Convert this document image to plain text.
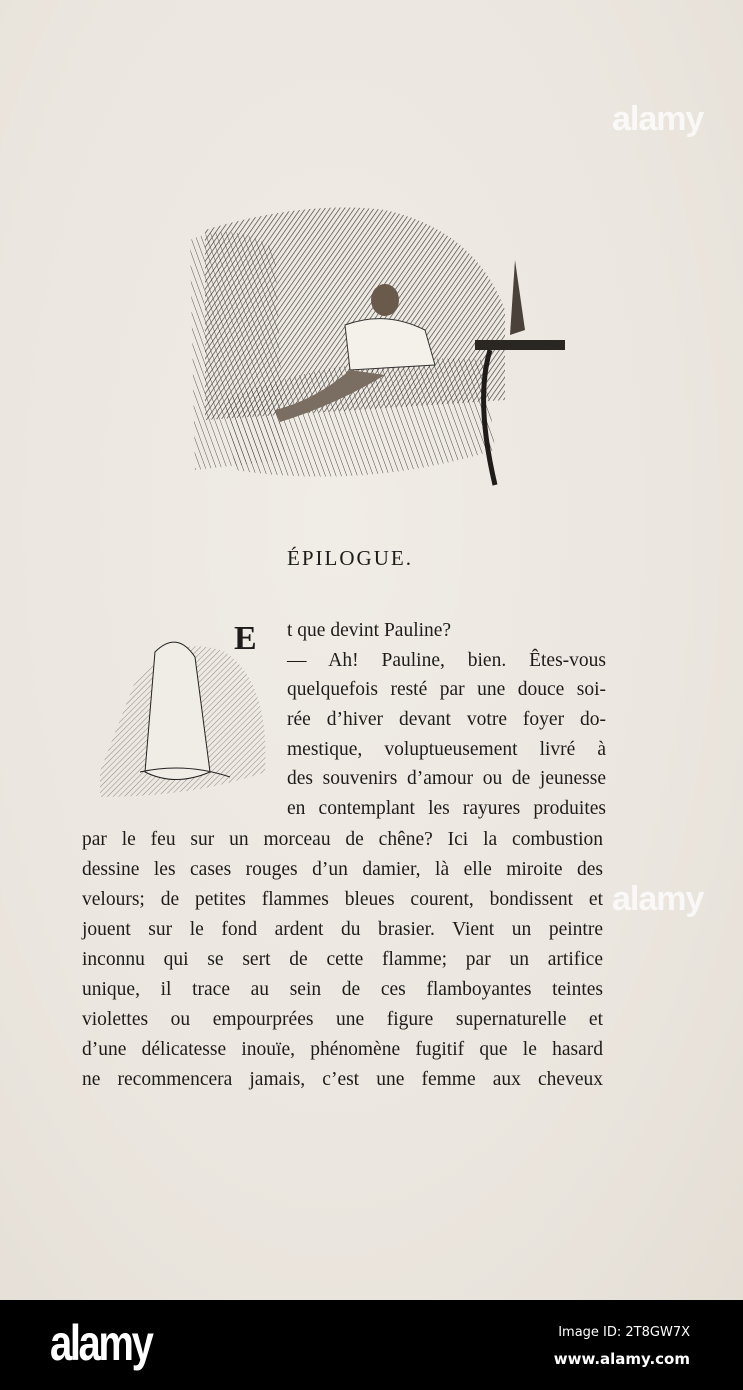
alamy
alamy
ÉPILOGUE.
E t que devint Pauline?
— Ah! Pauline, bien. Êtes-vous
quelquefois resté par une douce soi-
rée d’hiver devant votre foyer do-
mestique, voluptueusement livré à
des souvenirs d’amour ou de jeunesse
en contemplant les rayures produites
par le feu sur un morceau de chêne? Ici la combustion
dessine les cases rouges d’un damier, là elle miroite des
velours; de petites flammes bleues courent, bondissent et
jouent sur le fond ardent du brasier. Vient un peintre
inconnu qui se sert de cette flamme; par un artifice
unique, il trace au sein de ces flamboyantes teintes
violettes ou empourprées une figure supernaturelle et
d’une délicatesse inouïe, phénomène fugitif que le hasard
ne recommencera jamais, c’est une femme aux cheveux
alamy	Image ID: 2T8GW7X
www.alamy.com
